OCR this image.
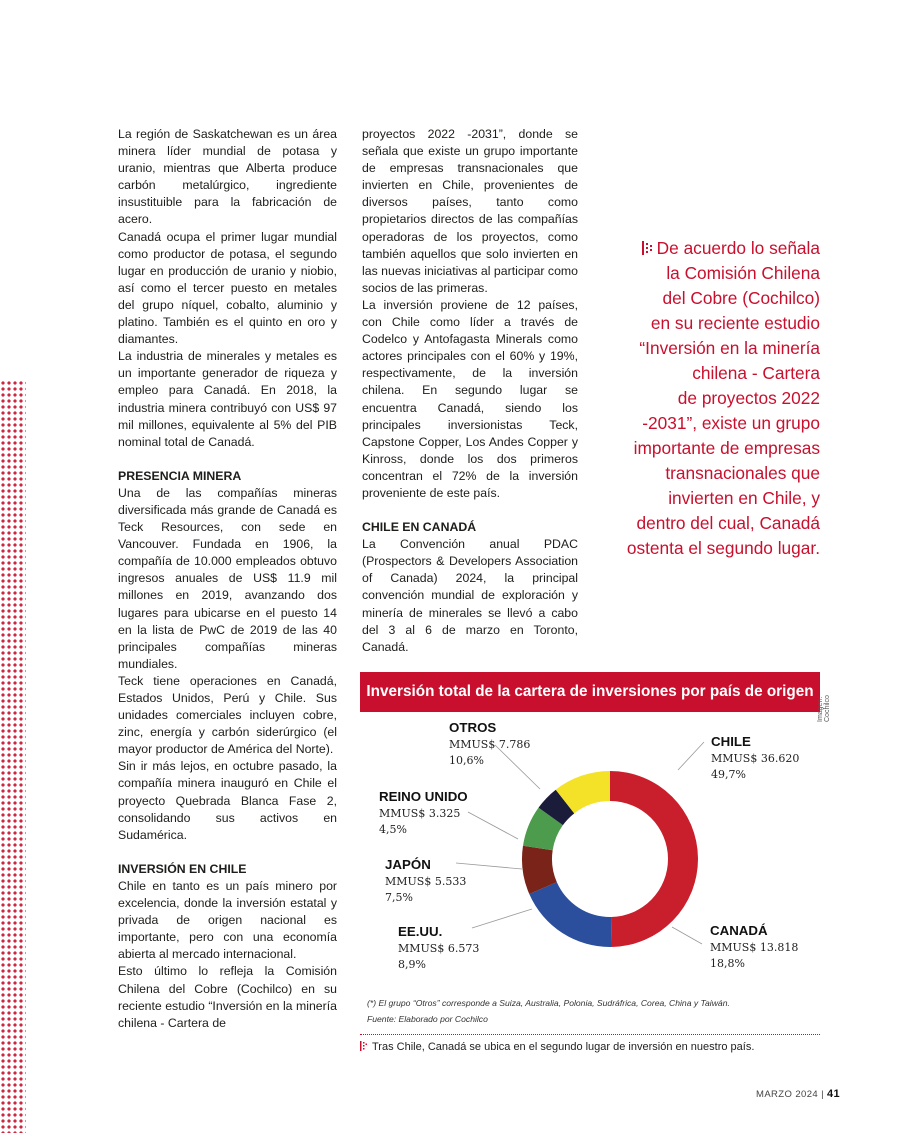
La región de Saskatchewan es un área minera líder mundial de potasa y uranio, mientras que Alberta produce carbón metalúrgico, ingrediente insustituible para la fabricación de acero.

Canadá ocupa el primer lugar mundial como productor de potasa, el segundo lugar en producción de uranio y niobio, así como el tercer puesto en metales del grupo níquel, cobalto, aluminio y platino. También es el quinto en oro y diamantes.

La industria de minerales y metales es un importante generador de riqueza y empleo para Canadá. En 2018, la industria minera contribuyó con US$ 97 mil millones, equivalente al 5% del PIB nominal total de Canadá.

PRESENCIA MINERA

Una de las compañías mineras diversificada más grande de Canadá es Teck Resources, con sede en Vancouver. Fundada en 1906, la compañía de 10.000 empleados obtuvo ingresos anuales de US$ 11.9 mil millones en 2019, avanzando dos lugares para ubicarse en el puesto 14 en la lista de PwC de 2019 de las 40 principales compañías mineras mundiales.

Teck tiene operaciones en Canadá, Estados Unidos, Perú y Chile. Sus unidades comerciales incluyen cobre, zinc, energía y carbón siderúrgico (el mayor productor de América del Norte).

Sin ir más lejos, en octubre pasado, la compañía minera inauguró en Chile el proyecto Quebrada Blanca Fase 2, consolidando sus activos en Sudamérica.

INVERSIÓN EN CHILE

Chile en tanto es un país minero por excelencia, donde la inversión estatal y privada de origen nacional es importante, pero con una economía abierta al mercado internacional.

Esto último lo refleja la Comisión Chilena del Cobre (Cochilco) en su reciente estudio “Inversión en la minería chilena - Cartera de

proyectos 2022 -2031”, donde se señala que existe un grupo importante de empresas transnacionales que invierten en Chile, provenientes de diversos países, tanto como propietarios directos de las compañías operadoras de los proyectos, como también aquellos que solo invierten en las nuevas iniciativas al participar como socios de las primeras.

La inversión proviene de 12 países, con Chile como líder a través de Codelco y Antofagasta Minerals como actores principales con el 60% y 19%, respectivamente, de la inversión chilena. En segundo lugar se encuentra Canadá, siendo los principales inversionistas Teck, Capstone Copper, Los Andes Copper y Kinross, donde los dos primeros concentran el 72% de la inversión proveniente de este país.

CHILE EN CANADÁ

La Convención anual PDAC (Prospectors & Developers Association of Canada) 2024, la principal convención mundial de exploración y minería de minerales se llevó a cabo del 3 al 6 de marzo en Toronto, Canadá.

De acuerdo lo señala
la Comisión Chilena
del Cobre (Cochilco)
en su reciente estudio
“Inversión en la minería
chilena - Cartera
de proyectos 2022
-2031”, existe un grupo
importante de empresas
transnacionales que
invierten en Chile, y
dentro del cual, Canadá
ostenta el segundo lugar.
Inversión total de la cartera de inversiones por país de origen
Imagen: Cochilco
OTROS
MMUS$ 7.786
10,6%
CHILE
MMUS$ 36.620
49,7%
REINO UNIDO
MMUS$ 3.325
4,5%
JAPÓN
MMUS$ 5.533
7,5%
EE.UU.
MMUS$ 6.573
8,9%
CANADÁ
MMUS$ 13.818
18,8%
(*) El grupo “Otros” corresponde a Suiza, Australia, Polonia, Sudráfrica, Corea, China y Taiwán.
Fuente: Elaborado por Cochilco
Tras Chile, Canadá se ubica en el segundo lugar de inversión en nuestro país.
MARZO 2024 | 41
